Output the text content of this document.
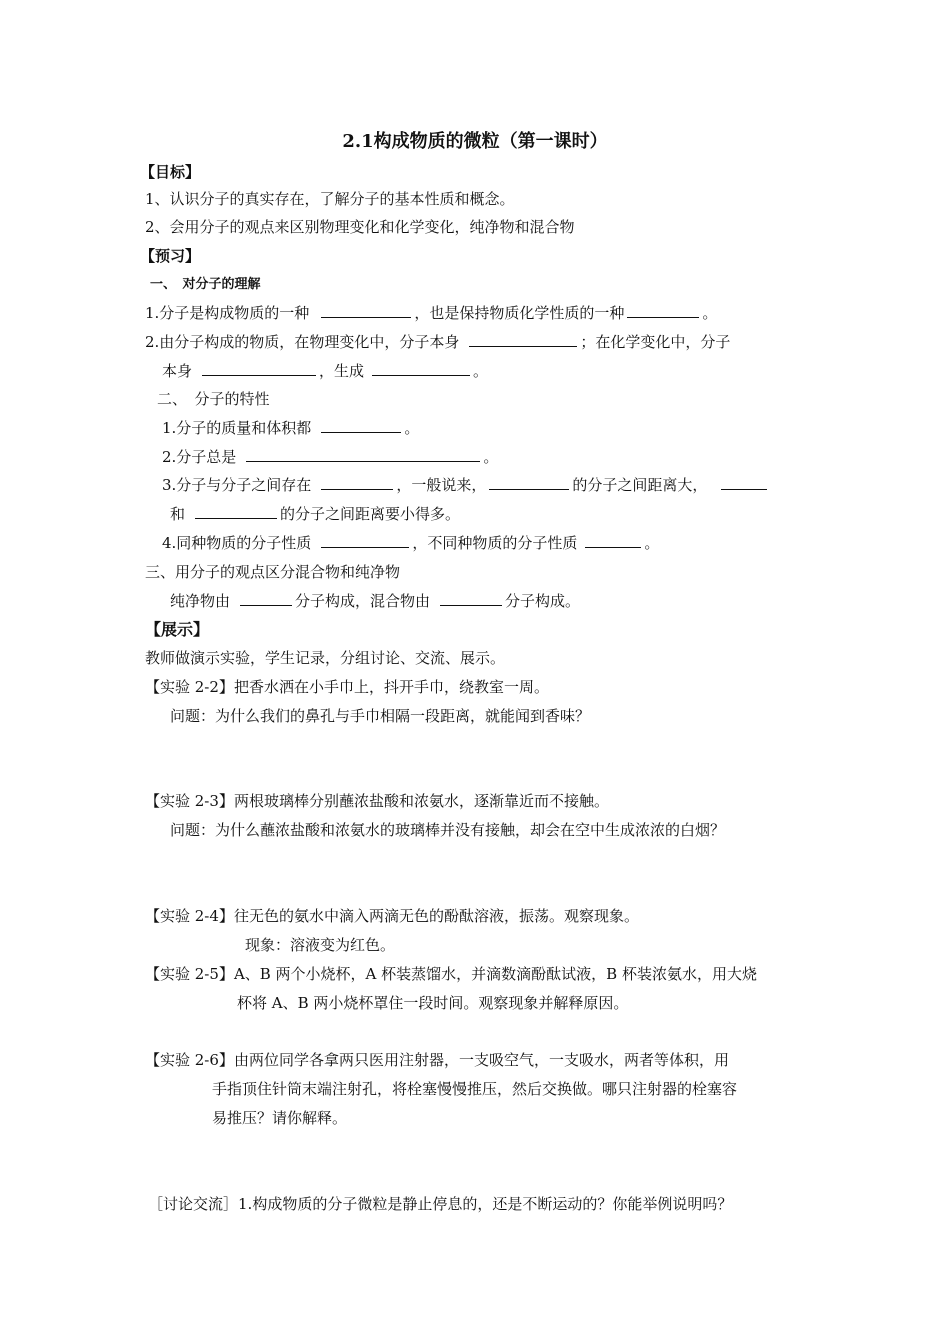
2.1构成物质的微粒（第一课时）
【目标】
1、认识分子的真实存在，了解分子的基本性质和概念。
2、会用分子的观点来区别物理变化和化学变化，纯净物和混合物
【预习】
一、　对分子的理解
1.分子是构成物质的一种	，也是保持物质化学性质的一种	。
2.由分子构成的物质，在物理变化中，分子本身	；在化学变化中，分子
本身	，生成	。
二、　分子的特性
1.分子的质量和体积都	。
2.分子总是	。
3.分子与分子之间存在	，一般说来，	的分子之间距离大，
和	的分子之间距离要小得多。
4.同种物质的分子性质	，不同种物质的分子性质	。
三、用分子的观点区分混合物和纯净物
纯净物由	分子构成，混合物由	分子构成。
【展示】
教师做演示实验，学生记录，分组讨论、交流、展示。
【实验 2-2】把香水洒在小手巾上，抖开手巾，绕教室一周。
问题：为什么我们的鼻孔与手巾相隔一段距离，就能闻到香味？
【实验 2-3】两根玻璃棒分别蘸浓盐酸和浓氨水，逐渐靠近而不接触。
问题：为什么蘸浓盐酸和浓氨水的玻璃棒并没有接触，却会在空中生成浓浓的白烟？
【实验 2-4】往无色的氨水中滴入两滴无色的酚酞溶液，振荡。观察现象。
现象：溶液变为红色。
【实验 2-5】A、B 两个小烧杯，A 杯装蒸馏水，并滴数滴酚酞试液，B 杯装浓氨水，用大烧
杯将 A、B 两小烧杯罩住一段时间。观察现象并解释原因。
【实验 2-6】由两位同学各拿两只医用注射器，一支吸空气，一支吸水，两者等体积，用
手指顶住针筒末端注射孔，将栓塞慢慢推压，然后交换做。哪只注射器的栓塞容
易推压？请你解释。
［讨论交流］1.构成物质的分子微粒是静止停息的，还是不断运动的？你能举例说明吗？
